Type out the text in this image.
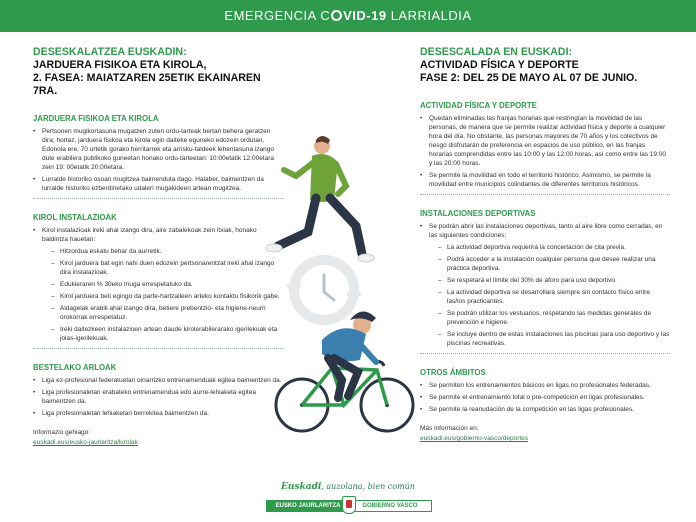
EMERGENCIA C VID-19 LARRIALDIA
DESESKALATZEA EUSKADIN:
JARDUERA FISIKOA ETA KIROLA,
2. FASEA: MAIATZAREN 25ETIK EKAINAREN 7RA.
JARDUERA FISIKOA ETA KIROLA
• Pertsonen mugikortasuna mugatzen zuten ordu-tarteak bertan behera geratzen dira; hortaz, jarduera fisikoa eta kirola egin daiteke eguneko edozein ordutan. Edonola ere, 70 urtetik gorako herritarrek eta arrisku-taldeek lehentasuna izango dute erabilera publikoko guneetan honako ordu-tarteetan: 10:00etatik 12:00etara zein 19: 00etatik 20:00etara.
• Lurralde historiko osoan mugitzea baimenduta dago. Halaber, baimentzen da lurralde historiko ezberdinetako udaleri mugakideen artean mugitzea.
KIROL INSTALAZIOAK
• Kirol instalazioak ireki ahal izango dira, aire zabalekoak zein itxiak, honako baldintza hauetan:
– Hitzordua eskatu behar da aurretik.
– Kirol jarduera bat egin nahi duen edozein pertsonarentzat ireki ahal izango dira instalazioak.
– Edukieraren % 30eko muga errespetatuko da.
– Kirol jarduera beti egingo da parte-hartzaileen arteko kontaktu fisikorik gabe.
– Aldagelak erabili ahal izango dira, betiere prebentzio- eta higiene-neurri orokorrak errespetatuz.
– Ireki daitezkeen instalazioen artean daude kirolerabilerarako igerilekuak eta jolas-igerilekuak.
BESTELAKO ARLOAK
• Liga ez-profesional federatuetan oinarrizko entrenamenduak egitea baimentzen da.
• Liga profesionaletan erabateko entrenamendua edo aurre-lehiaketa egitea baimentzen da.
• Liga profesionaletan lehiaketari berrekitea baimentzen da.
Informazio gehiago:
euskadi.eus/eusko-jaurlaritza/kirolak
DESESCALADA EN EUSKADI:
ACTIVIDAD FÍSICA Y DEPORTE
FASE 2: DEL 25 DE MAYO AL 07 DE JUNIO.
ACTIVIDAD FÍSICA Y DEPORTE
• Quedan eliminadas las franjas horarias que restringían la movilidad de las personas, de manera que se permite realizar actividad física y deporte a cualquier hora del día. No obstante, las personas mayores de 70 años y los colectivos de riesgo disfrutarán de preferencia en espacios de uso público, en las franjas horarias comprendidas entre las 10:00 y las 12:00 horas, así como entre las 19:00 y las 20:00 horas.
• Se permite la movilidad en todo el territorio histórico. Asimismo, se permite la movilidad entre municipios colindantes de diferentes territorios históricos.
INSTALACIONES DEPORTIVAS
• Se podrán abrir las instalaciones deportivas, tanto al aire libre como cerradas, en las siguientes condiciones:
– La actividad deportiva requerirá la concertación de cita previa.
– Podrá acceder a la instalación cualquier persona que desee realizar una práctica deportiva.
– Se respetará el límite del 30% de aforo para uso deportivo.
– La actividad deportiva se desarrollará siempre sin contacto físico entre las/los practicantes.
– Se podrán utilizar los vestuarios, respetando las medidas generales de prevención e higiene.
– Se incluye dentro de estas instalaciones las piscinas para uso deportivo y las piscinas recreativas.
OTROS ÁMBITOS
• Se permiten los entrenamientos básicos en ligas no profesionales federadas.
• Se permite el entrenamiento total o pre-competición en ligas profesionales.
• Se permite la reanudación de la competición en las ligas profesionales.
Más información en:
euskadi.eus/gobierno-vasco/deportes
Euskadi, auzolana, bien común
EUSKO JAURLARITZA	GOBIERNO VASCO
